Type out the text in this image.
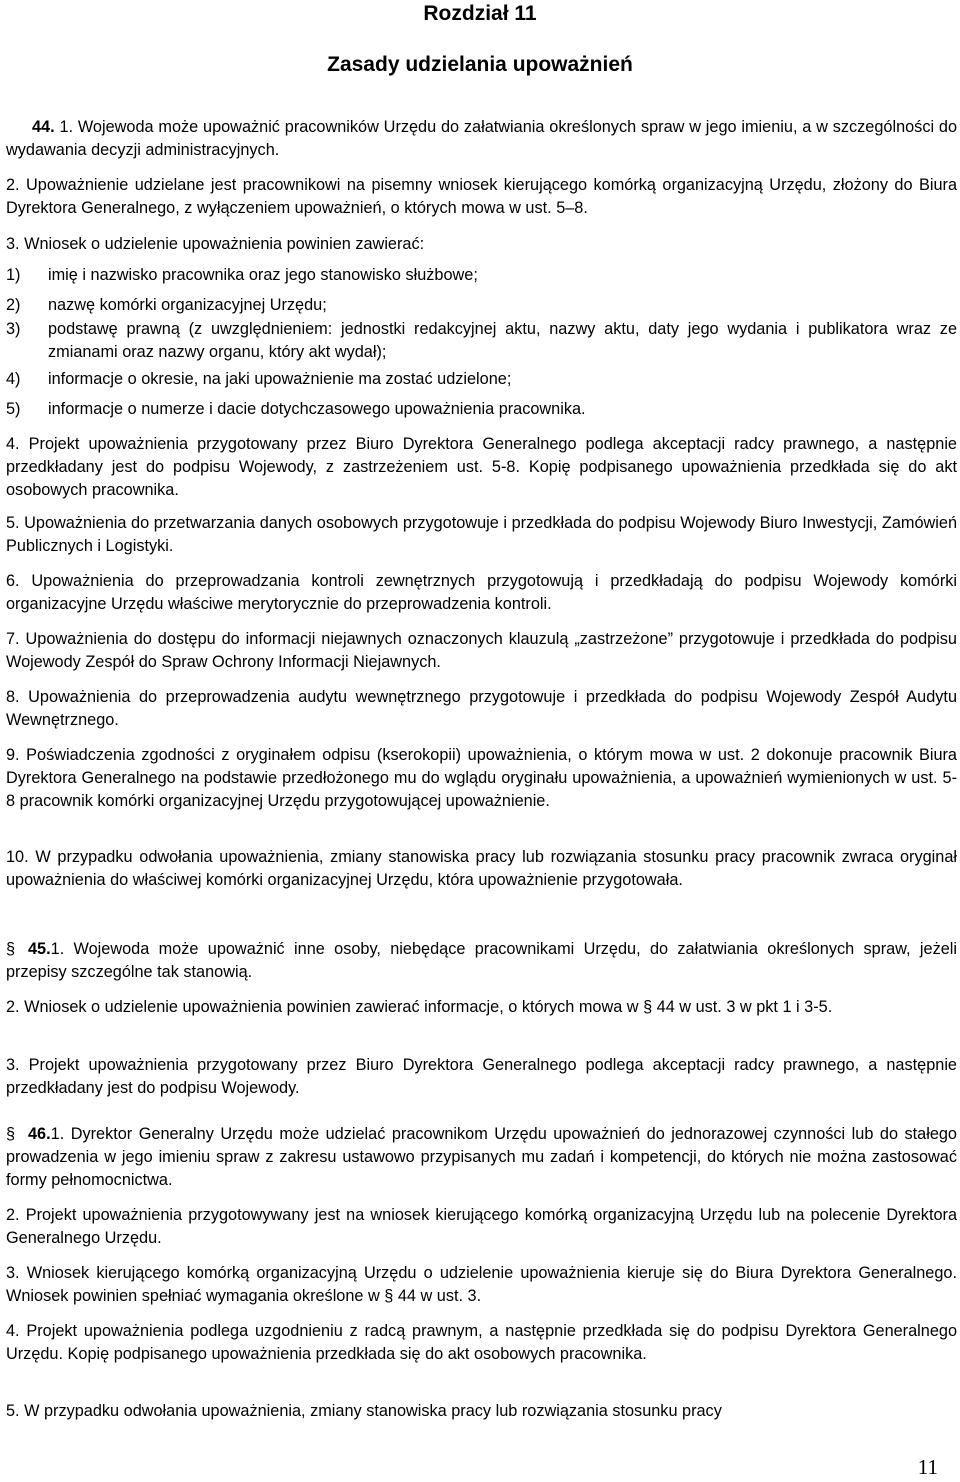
Rozdział 11
Zasady udzielania upoważnień

44. 1. Wojewoda może upoważnić pracowników Urzędu do załatwiania określonych spraw w jego imieniu, a w szczególności do wydawania decyzji administracyjnych.

2. Upoważnienie udzielane jest pracownikowi na pisemny wniosek kierującego komórką organizacyjną Urzędu, złożony do Biura Dyrektora Generalnego, z wyłączeniem upoważnień, o których mowa w ust. 5–8.

3. Wniosek o udzielenie upoważnienia powinien zawierać:

1) imię i nazwisko pracownika oraz jego stanowisko służbowe;
2) nazwę komórki organizacyjnej Urzędu;
3) podstawę prawną (z uwzględnieniem: jednostki redakcyjnej aktu, nazwy aktu, daty jego wydania i publikatora wraz ze zmianami oraz nazwy organu, który akt wydał);
4) informacje o okresie, na jaki upoważnienie ma zostać udzielone;
5) informacje o numerze i dacie dotychczasowego upoważnienia pracownika.

4. Projekt upoważnienia przygotowany przez Biuro Dyrektora Generalnego podlega akceptacji radcy prawnego, a następnie przedkładany jest do podpisu Wojewody, z zastrzeżeniem ust. 5-8. Kopię podpisanego upoważnienia przedkłada się do akt osobowych pracownika.

5. Upoważnienia do przetwarzania danych osobowych przygotowuje i przedkłada do podpisu Wojewody Biuro Inwestycji, Zamówień Publicznych i Logistyki.

6. Upoważnienia do przeprowadzania kontroli zewnętrznych przygotowują i przedkładają do podpisu Wojewody komórki organizacyjne Urzędu właściwe merytorycznie do przeprowadzenia kontroli.

7. Upoważnienia do dostępu do informacji niejawnych oznaczonych klauzulą „zastrzeżone” przygotowuje i przedkłada do podpisu Wojewody Zespół do Spraw Ochrony Informacji Niejawnych.

8. Upoważnienia do przeprowadzenia audytu wewnętrznego przygotowuje i przedkłada do podpisu Wojewody Zespół Audytu Wewnętrznego.

9. Poświadczenia zgodności z oryginałem odpisu (kserokopii) upoważnienia, o którym mowa w ust. 2 dokonuje pracownik Biura Dyrektora Generalnego na podstawie przedłożonego mu do wglądu oryginału upoważnienia, a upoważnień wymienionych w ust. 5-8 pracownik komórki organizacyjnej Urzędu przygotowującej upoważnienie.

10. W przypadku odwołania upoważnienia, zmiany stanowiska pracy lub rozwiązania stosunku pracy pracownik zwraca oryginał upoważnienia do właściwej komórki organizacyjnej Urzędu, która upoważnienie przygotowała.

§ 45.1. Wojewoda może upoważnić inne osoby, niebędące pracownikami Urzędu, do załatwiania określonych spraw, jeżeli przepisy szczególne tak stanowią.

2. Wniosek o udzielenie upoważnienia powinien zawierać informacje, o których mowa w § 44 w ust. 3 w pkt 1 i 3-5.

3. Projekt upoważnienia przygotowany przez Biuro Dyrektora Generalnego podlega akceptacji radcy prawnego, a następnie przedkładany jest do podpisu Wojewody.

§ 46.1. Dyrektor Generalny Urzędu może udzielać pracownikom Urzędu upoważnień do jednorazowej czynności lub do stałego prowadzenia w jego imieniu spraw z zakresu ustawowo przypisanych mu zadań i kompetencji, do których nie można zastosować formy pełnomocnictwa.

2. Projekt upoważnienia przygotowywany jest na wniosek kierującego komórką organizacyjną Urzędu lub na polecenie Dyrektora Generalnego Urzędu.

3. Wniosek kierującego komórką organizacyjną Urzędu o udzielenie upoważnienia kieruje się do Biura Dyrektora Generalnego. Wniosek powinien spełniać wymagania określone w § 44 w ust. 3.

4. Projekt upoważnienia podlega uzgodnieniu z radcą prawnym, a następnie przedkłada się do podpisu Dyrektora Generalnego Urzędu. Kopię podpisanego upoważnienia przedkłada się do akt osobowych pracownika.

5. W przypadku odwołania upoważnienia, zmiany stanowiska pracy lub rozwiązania stosunku pracy

11
